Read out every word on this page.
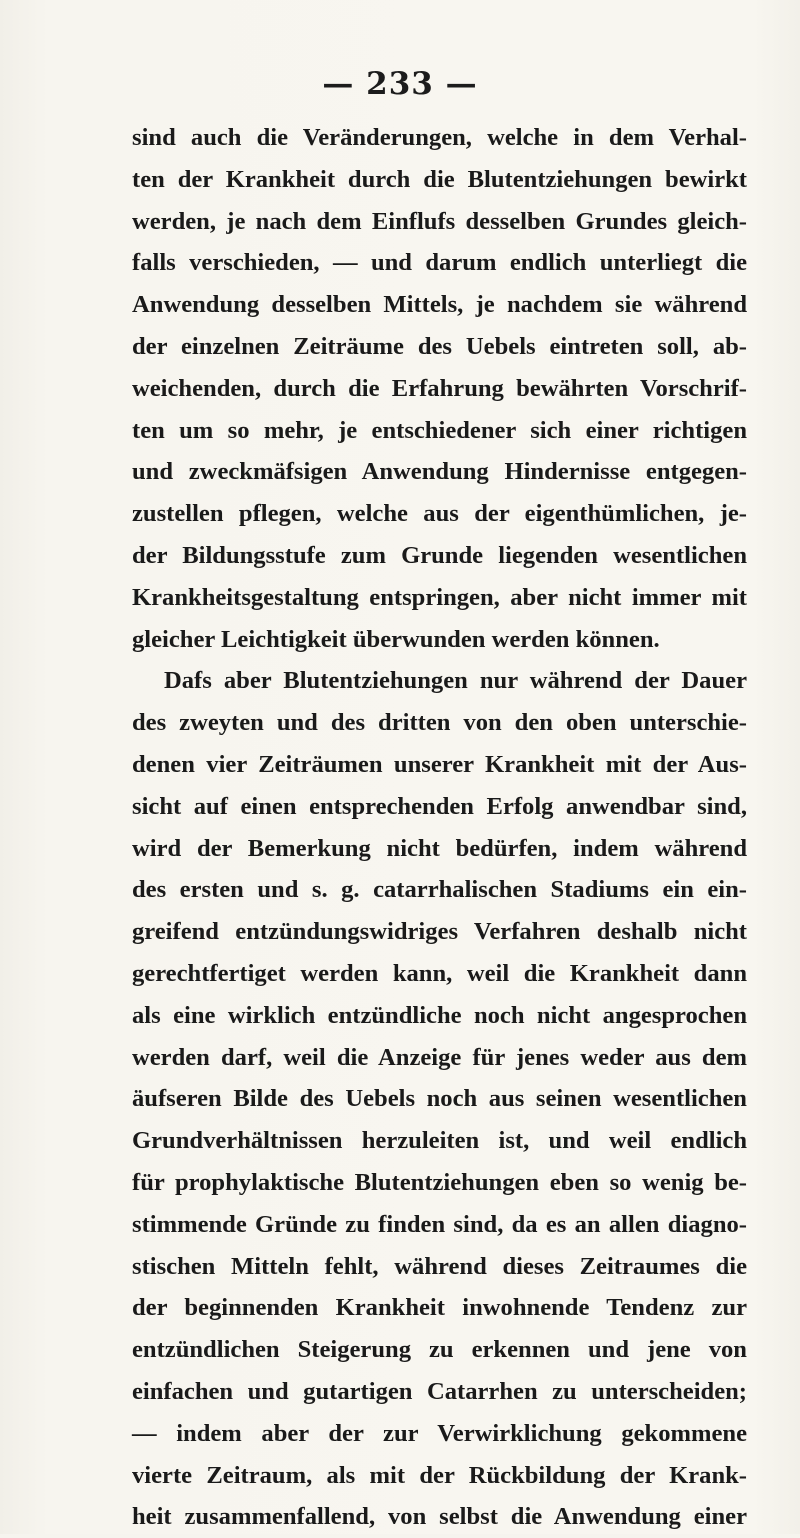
— 233 —
sind auch die Veränderungen, welche in dem Verhal-
ten der Krankheit durch die Blutentziehungen bewirkt
werden, je nach dem Einflufs desselben Grundes gleich-
falls verschieden, — und darum endlich unterliegt die
Anwendung desselben Mittels, je nachdem sie während
der einzelnen Zeiträume des Uebels eintreten soll, ab-
weichenden, durch die Erfahrung bewährten Vorschrif-
ten um so mehr, je entschiedener sich einer richtigen
und zweckmäfsigen Anwendung Hindernisse entgegen-
zustellen pflegen, welche aus der eigenthümlichen, je-
der Bildungsstufe zum Grunde liegenden wesentlichen
Krankheitsgestaltung entspringen, aber nicht immer mit
gleicher Leichtigkeit überwunden werden können.
Dafs aber Blutentziehungen nur während der Dauer
des zweyten und des dritten von den oben unterschie-
denen vier Zeiträumen unserer Krankheit mit der Aus-
sicht auf einen entsprechenden Erfolg anwendbar sind,
wird der Bemerkung nicht bedürfen, indem während
des ersten und s. g. catarrhalischen Stadiums ein ein-
greifend entzündungswidriges Verfahren deshalb nicht
gerechtfertiget werden kann, weil die Krankheit dann
als eine wirklich entzündliche noch nicht angesprochen
werden darf, weil die Anzeige für jenes weder aus dem
äufseren Bilde des Uebels noch aus seinen wesentlichen
Grundverhältnissen herzuleiten ist, und weil endlich
für prophylaktische Blutentziehungen eben so wenig be-
stimmende Gründe zu finden sind, da es an allen diagno-
stischen Mitteln fehlt, während dieses Zeitraumes die
der beginnenden Krankheit inwohnende Tendenz zur
entzündlichen Steigerung zu erkennen und jene von
einfachen und gutartigen Catarrhen zu unterscheiden;
— indem aber der zur Verwirklichung gekommene
vierte Zeitraum, als mit der Rückbildung der Krank-
heit zusammenfallend, von selbst die Anwendung einer
